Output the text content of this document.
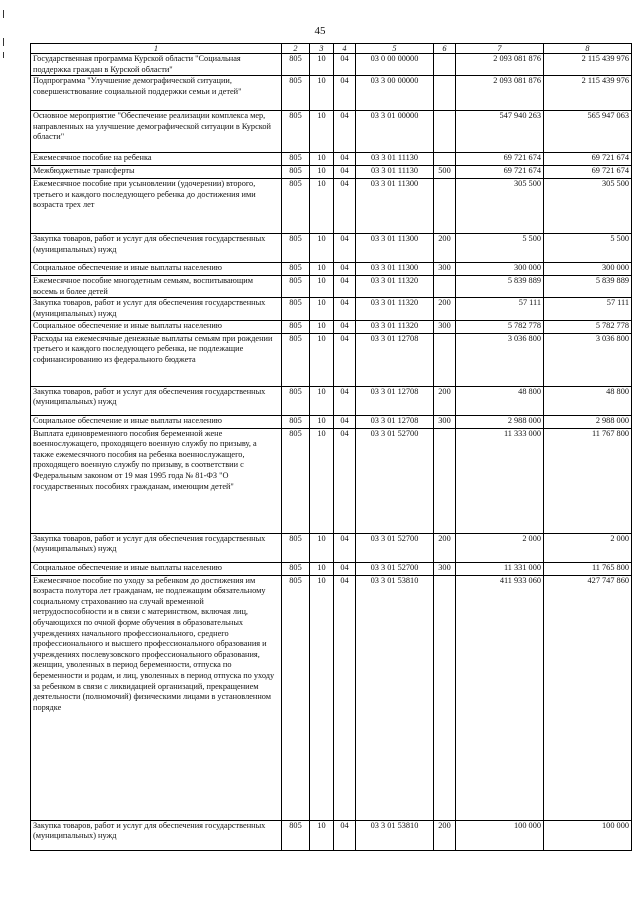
45
1	2	3	4	5	6	7	8
Государственная программа Курской области "Социальная поддержка граждан в Курской области"	805	10	04	03 0 00 00000		2 093 081 876	2 115 439 976
Подпрограмма "Улучшение демографической ситуации, совершенствование социальной поддержки семьи и детей"	805	10	04	03 3 00 00000		2 093 081 876	2 115 439 976
Основное мероприятие "Обеспечение реализации комплекса мер, направленных на улучшение демографической ситуации в Курской области"	805	10	04	03 3 01 00000		547 940 263	565 947 063
Ежемесячное пособие на ребенка	805	10	04	03 3 01 11130		69 721 674	69 721 674
Межбюджетные трансферты	805	10	04	03 3 01 11130	500	69 721 674	69 721 674
Ежемесячное пособие при усыновлении (удочерении) второго, третьего и каждого последующего ребенка до достижения ими возраста трех лет	805	10	04	03 3 01 11300		305 500	305 500
Закупка товаров, работ и услуг для обеспечения государственных (муниципальных) нужд	805	10	04	03 3 01 11300	200	5 500	5 500
Социальное обеспечение и иные выплаты населению	805	10	04	03 3 01 11300	300	300 000	300 000
Ежемесячное пособие многодетным семьям, воспитывающим восемь и более детей	805	10	04	03 3 01 11320		5 839 889	5 839 889
Закупка товаров, работ и услуг для обеспечения государственных (муниципальных) нужд	805	10	04	03 3 01 11320	200	57 111	57 111
Социальное обеспечение и иные выплаты населению	805	10	04	03 3 01 11320	300	5 782 778	5 782 778
Расходы на ежемесячные денежные выплаты семьям при рождении третьего и каждого последующего ребенка, не подлежащие софинансированию из федерального бюджета	805	10	04	03 3 01 12708		3 036 800	3 036 800
Закупка товаров, работ и услуг для обеспечения государственных (муниципальных) нужд	805	10	04	03 3 01 12708	200	48 800	48 800
Социальное обеспечение и иные выплаты населению	805	10	04	03 3 01 12708	300	2 988 000	2 988 000
Выплата единовременного пособия беременной жене военнослужащего, проходящего военную службу по призыву, а также ежемесячного пособия на ребенка военнослужащего, проходящего военную службу по призыву, в соответствии с Федеральным законом от 19 мая 1995 года № 81-ФЗ "О государственных пособиях гражданам, имеющим детей"	805	10	04	03 3 01 52700		11 333 000	11 767 800
Закупка товаров, работ и услуг для обеспечения государственных (муниципальных) нужд	805	10	04	03 3 01 52700	200	2 000	2 000
Социальное обеспечение и иные выплаты населению	805	10	04	03 3 01 52700	300	11 331 000	11 765 800
Ежемесячное пособие по уходу за ребенком до достижения им возраста полутора лет гражданам, не подлежащим обязательному социальному страхованию на случай временной нетрудоспособности и в связи с материнством, включая лиц, обучающихся по очной форме обучения в образовательных учреждениях начального профессионального, среднего профессионального и высшего профессионального образования и учреждениях послевузовского профессионального образования, женщин, уволенных в период беременности, отпуска по беременности и родам, и лиц, уволенных в период отпуска по уходу за ребенком в связи с ликвидацией организаций, прекращением деятельности (полномочий) физическими лицами в установленном порядке	805	10	04	03 3 01 53810		411 933 060	427 747 860
Закупка товаров, работ и услуг для обеспечения государственных (муниципальных) нужд	805	10	04	03 3 01 53810	200	100 000	100 000
